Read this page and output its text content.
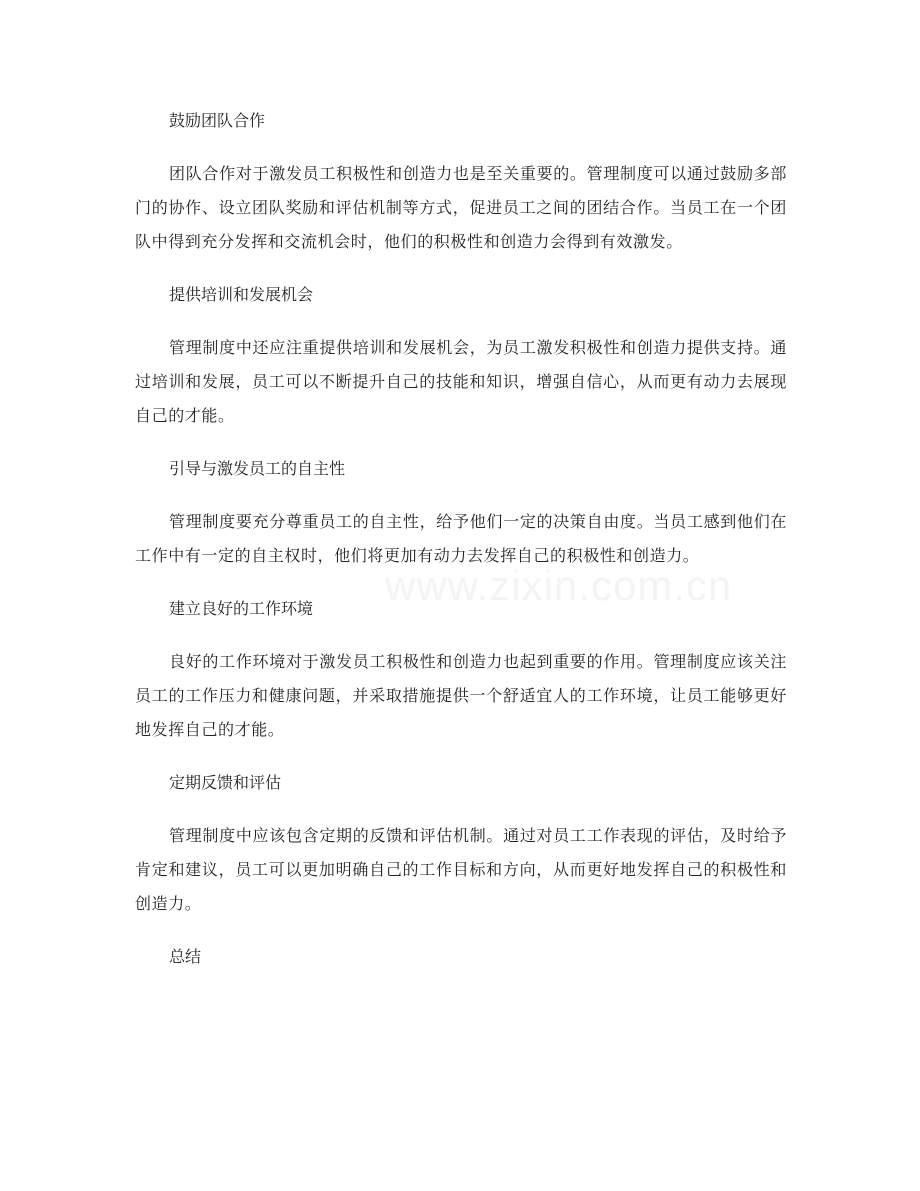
www.zixin.com.cn

鼓励团队合作

团队合作对于激发员工积极性和创造力也是至关重要的。管理制度可以通过鼓励多部门的协作、设立团队奖励和评估机制等方式，促进员工之间的团结合作。当员工在一个团队中得到充分发挥和交流机会时，他们的积极性和创造力会得到有效激发。

提供培训和发展机会

管理制度中还应注重提供培训和发展机会，为员工激发积极性和创造力提供支持。通过培训和发展，员工可以不断提升自己的技能和知识，增强自信心，从而更有动力去展现自己的才能。

引导与激发员工的自主性

管理制度要充分尊重员工的自主性，给予他们一定的决策自由度。当员工感到他们在工作中有一定的自主权时，他们将更加有动力去发挥自己的积极性和创造力。

建立良好的工作环境

良好的工作环境对于激发员工积极性和创造力也起到重要的作用。管理制度应该关注员工的工作压力和健康问题，并采取措施提供一个舒适宜人的工作环境，让员工能够更好地发挥自己的才能。

定期反馈和评估

管理制度中应该包含定期的反馈和评估机制。通过对员工工作表现的评估，及时给予肯定和建议，员工可以更加明确自己的工作目标和方向，从而更好地发挥自己的积极性和创造力。

总结
